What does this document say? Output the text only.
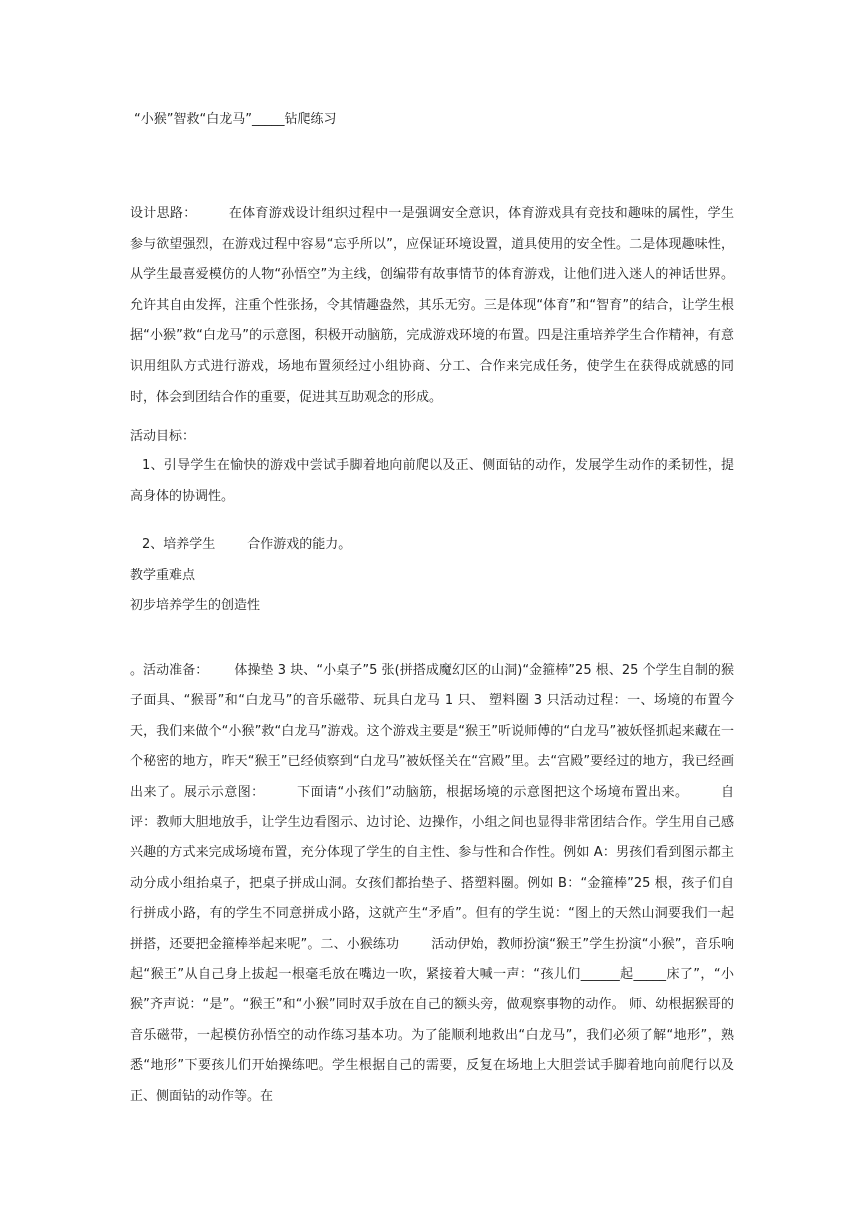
“小猴”智救“白龙马”_____钻爬练习

设计思路： 在体育游戏设计组织过程中一是强调安全意识，体育游戏具有竞技和趣味的属性，学生参与欲望强烈，在游戏过程中容易“忘乎所以”，应保证环境设置，道具使用的安全性。二是体现趣味性，从学生最喜爱模仿的人物“孙悟空”为主线，创编带有故事情节的体育游戏，让他们进入迷人的神话世界。允许其自由发挥，注重个性张扬，令其情趣盎然，其乐无穷。三是体现“体育”和“智育”的结合，让学生根据“小猴”救“白龙马”的示意图，积极开动脑筋，完成游戏环境的布置。四是注重培养学生合作精神，有意识用组队方式进行游戏，场地布置须经过小组协商、分工、合作来完成任务，使学生在获得成就感的同时，体会到团结合作的重要，促进其互助观念的形成。

活动目标：

1、引导学生在愉快的游戏中尝试手脚着地向前爬以及正、侧面钻的动作，发展学生动作的柔韧性，提高身体的协调性。

2、培养学生 合作游戏的能力。

教学重难点

初步培养学生的创造性

。活动准备： 体操垫 3 块、“小桌子”5 张(拼搭成魔幻区的山洞)“金箍棒”25 根、25 个学生自制的猴子面具、“猴哥”和“白龙马”的音乐磁带、玩具白龙马 1 只、 塑料圈 3 只活动过程：一、场境的布置今天，我们来做个“小猴”救“白龙马”游戏。这个游戏主要是“猴王”听说师傅的“白龙马”被妖怪抓起来藏在一个秘密的地方，昨天“猴王”已经侦察到“白龙马”被妖怪关在“宫殿”里。去“宫殿”要经过的地方，我已经画出来了。展示示意图： 下面请“小孩们”动脑筋，根据场境的示意图把这个场境布置出来。 自评：教师大胆地放手，让学生边看图示、边讨论、边操作，小组之间也显得非常团结合作。学生用自己感兴趣的方式来完成场境布置，充分体现了学生的自主性、参与性和合作性。例如 A：男孩们看到图示都主动分成小组抬桌子，把桌子拼成山洞。女孩们都抬垫子、搭塑料圈。例如 B：“金箍棒”25 根，孩子们自行拼成小路，有的学生不同意拼成小路，这就产生“矛盾”。但有的学生说：“图上的天然山洞要我们一起拼搭，还要把金箍棒举起来呢”。二、小猴练功 活动伊始，教师扮演“猴王”学生扮演“小猴”，音乐响起“猴王”从自己身上拔起一根毫毛放在嘴边一吹，紧接着大喊一声：“孩儿们______起_____床了”，“小猴”齐声说：“是”。“猴王”和“小猴”同时双手放在自己的额头旁，做观察事物的动作。 师、幼根据猴哥的音乐磁带，一起模仿孙悟空的动作练习基本功。为了能顺利地救出“白龙马”，我们必须了解“地形”，熟悉“地形”下要孩儿们开始操练吧。学生根据自己的需要，反复在场地上大胆尝试手脚着地向前爬行以及正、侧面钻的动作等。在
